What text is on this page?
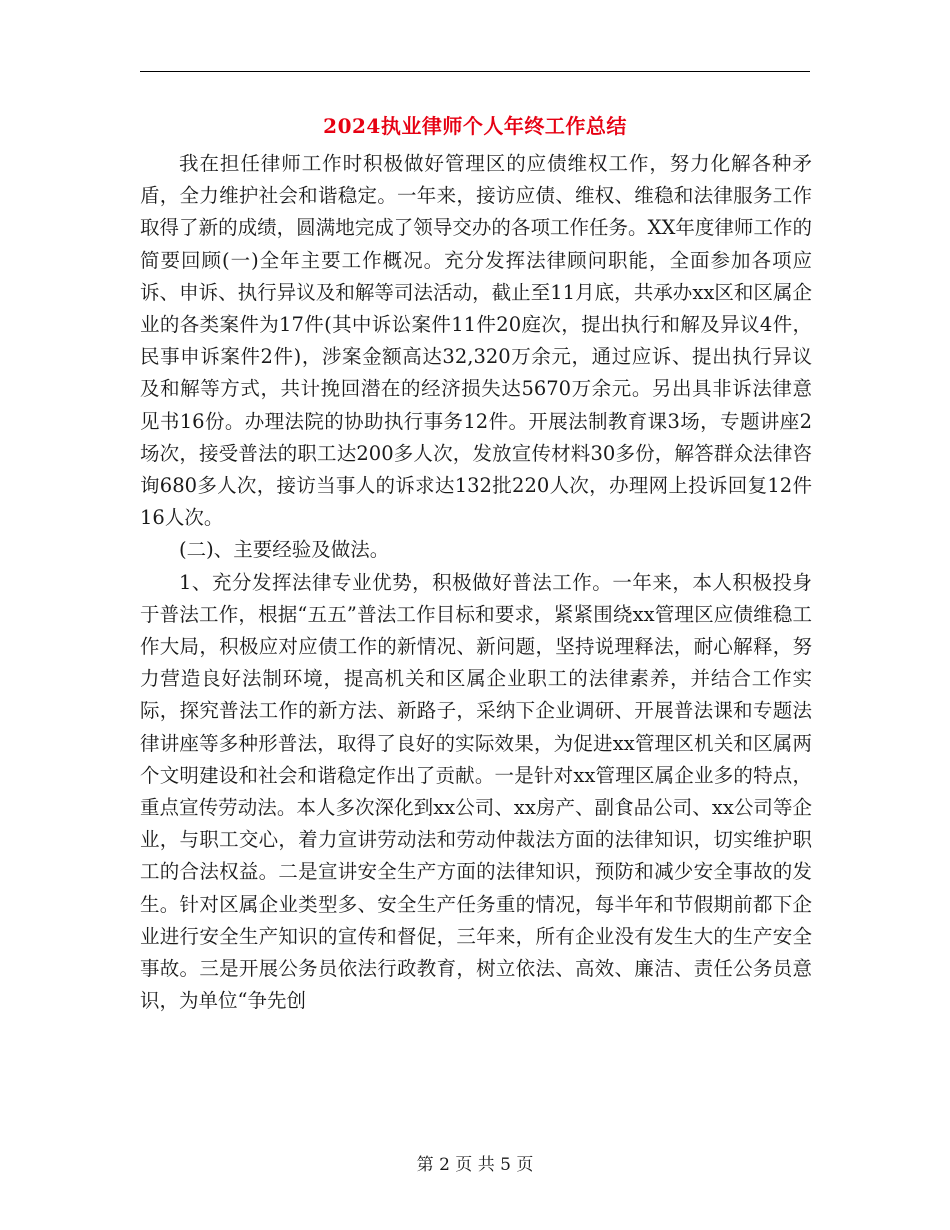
2024执业律师个人年终工作总结

我在担任律师工作时积极做好管理区的应债维权工作，努力化解各种矛盾，全力维护社会和谐稳定。一年来，接访应债、维权、维稳和法律服务工作取得了新的成绩，圆满地完成了领导交办的各项工作任务。XX年度律师工作的简要回顾(一)全年主要工作概况。充分发挥法律顾问职能，全面参加各项应诉、申诉、执行异议及和解等司法活动，截止至11月底，共承办xx区和区属企业的各类案件为17件(其中诉讼案件11件20庭次，提出执行和解及异议4件，民事申诉案件2件)，涉案金额高达32,320万余元，通过应诉、提出执行异议及和解等方式，共计挽回潜在的经济损失达5670万余元。另出具非诉法律意见书16份。办理法院的协助执行事务12件。开展法制教育课3场，专题讲座2场次，接受普法的职工达200多人次，发放宣传材料30多份，解答群众法律咨询680多人次，接访当事人的诉求达132批220人次，办理网上投诉回复12件16人次。

(二)、主要经验及做法。

1、充分发挥法律专业优势，积极做好普法工作。一年来，本人积极投身于普法工作，根据“五五”普法工作目标和要求，紧紧围绕xx管理区应债维稳工作大局，积极应对应债工作的新情况、新问题，坚持说理释法，耐心解释，努力营造良好法制环境，提高机关和区属企业职工的法律素养，并结合工作实际，探究普法工作的新方法、新路子，采纳下企业调研、开展普法课和专题法律讲座等多种形普法，取得了良好的实际效果，为促进xx管理区机关和区属两个文明建设和社会和谐稳定作出了贡献。一是针对xx管理区属企业多的特点，重点宣传劳动法。本人多次深化到xx公司、xx房产、副食品公司、xx公司等企业，与职工交心，着力宣讲劳动法和劳动仲裁法方面的法律知识，切实维护职工的合法权益。二是宣讲安全生产方面的法律知识，预防和减少安全事故的发生。针对区属企业类型多、安全生产任务重的情况，每半年和节假期前都下企业进行安全生产知识的宣传和督促，三年来，所有企业没有发生大的生产安全事故。三是开展公务员依法行政教育，树立依法、高效、廉洁、责任公务员意识，为单位“争先创

第 2 页 共 5 页
